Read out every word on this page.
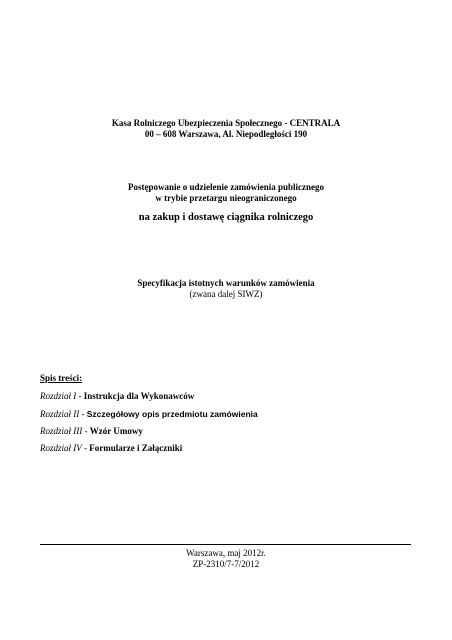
Kasa Rolniczego Ubezpieczenia Społecznego - CENTRALA
00 – 608 Warszawa, Al. Niepodległości 190
Postępowanie o udzielenie zamówienia publicznego
w trybie przetargu nieograniczonego
na zakup i dostawę ciągnika rolniczego
Specyfikacja istotnych warunków zamówienia
(zwana dalej SIWZ)
Spis treści:
Rozdział I - Instrukcja dla Wykonawców
Rozdział II - Szczegółowy opis przedmiotu zamówienia
Rozdział III - Wzór Umowy
Rozdział IV - Formularze i Załączniki
Warszawa, maj 2012r.
ZP-2310/7-7/2012
